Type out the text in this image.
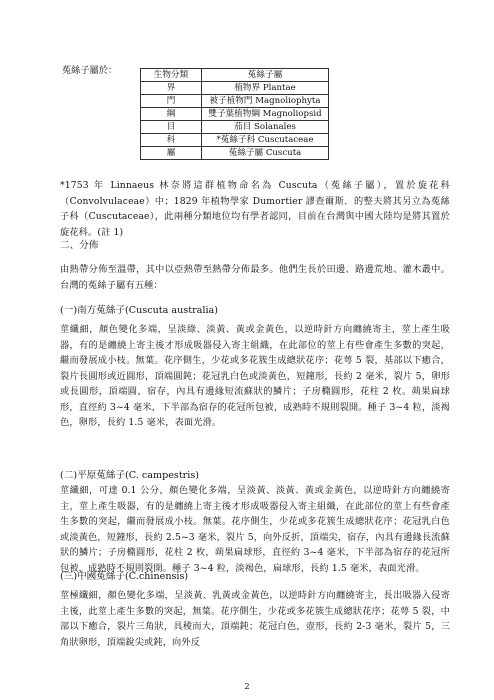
菟絲子屬於：	生物分類	菟絲子屬
界	植物界 Plantae
門	被子植物門 Magnoliophyta
綱	雙子葉植物綱 Magnoliopsid
目	茄目 Solanales
科	*菟絲子科 Cuscutaceae
屬	菟絲子屬 Cuscuta

*1753 年 Linnaeus 林奈將這群植物命名為 Cuscuta（菟絲子屬），置於旋花科（Convolvulaceae）中；1829 年植物學家 Dumortier 謬查爾斯．的整夫將其另立為菟絲子科（Cuscutaceae），此兩種分類地位均有學者認同，目前在台灣與中國大陸均是將其置於旋花科。(註 1)

二、分佈

由熱帶分佈至溫帶，其中以亞熱帶至熱帶分佈最多。他們生長於田邊、路邊荒地、灌木叢中。台灣的菟絲子屬有五種：

(一)南方菟絲子(Cuscuta australia)

莖纖細，顏色變化多端，呈淡綠、淡黃、黃或金黃色，以逆時針方向纏繞寄主，莖上產生吸器，有的是纏繞上寄主後才形成吸器侵入寄主組織，在此部位的莖上有些會產生多數的突起，繼而發展成小枝。無葉。花序側生，少花或多花簇生成總狀花序；花萼 5 裂，基部以下癒合，裂片長圓形或近圓形，頂端圓鈍；花冠乳白色或淡黃色，短鐘形，長約 2 毫米，裂片 5，卵形或長圓形，頂端圓，宿存，內具有邊緣短流蘇狀的鱗片；子房橢圓形，花柱 2 枚。蒴果扁球形，直徑約 3~4 毫米，下半部為宿存的花冠所包被，成熟時不規則裂開。種子 3~4 粒，淡褐色，卵形，長約 1.5 毫米，表面光滑。

(二)平原菟絲子(C. campestris)

莖纖細，可達 0.1 公分，顏色變化多端，呈淡黃、淡黃、黃或金黃色，以逆時針方向纏繞寄主，莖上產生吸器，有的是纏繞上寄主後才形成吸器侵入寄主組織，在此部位的莖上有些會產生多數的突起，繼而發展成小枝。無葉。花序側生，少花或多花簇生成總狀花序；花冠乳白色或淡黃色，短鐘形，長約 2.5~3 毫米，裂片 5，向外反折，頂端尖，宿存，內具有邊緣長流蘇狀的鱗片；子房橢圓形，花柱 2 枚，蒴果扁球形，直徑約 3~4 毫米，下半部為宿存的花冠所包被，成熟時不規則裂開。種子 3~4 粒，淡褐色，扁球形，長約 1.5 毫米，表面光滑。

(三)中國菟絲子(C.chinensis)

莖極纖細，顏色變化多端，呈淡黃、乳黃或金黃色，以逆時針方向纏繞寄主，長出吸器入侵寄主後，此莖上產生多數的突起，無葉。花序側生，少花或多花簇生成總狀花序；花萼 5 裂，中部以下癒合，裂片三角狀，具稜而大，頂端鈍；花冠白色，壺形，長約 2-3 毫米，裂片 5，三角狀卵形，頂端銳尖或鈍，向外反

2
